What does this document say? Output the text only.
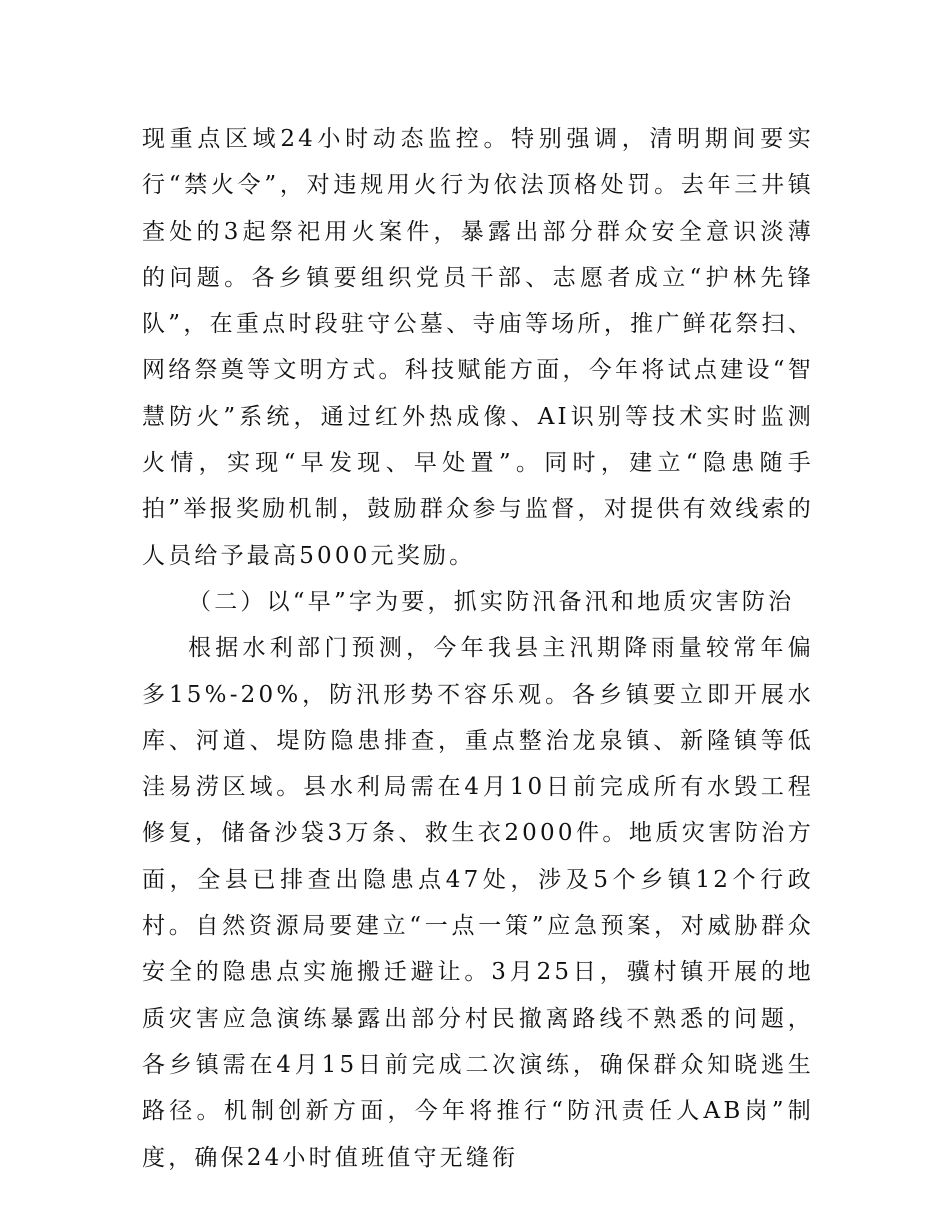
现重点区域24小时动态监控。特别强调，清明期间要实行“禁火令”，对违规用火行为依法顶格处罚。去年三井镇查处的3起祭祀用火案件，暴露出部分群众安全意识淡薄的问题。各乡镇要组织党员干部、志愿者成立“护林先锋队”，在重点时段驻守公墓、寺庙等场所，推广鲜花祭扫、网络祭奠等文明方式。科技赋能方面，今年将试点建设“智慧防火”系统，通过红外热成像、AI识别等技术实时监测火情，实现“早发现、早处置”。同时，建立“隐患随手拍”举报奖励机制，鼓励群众参与监督，对提供有效线索的人员给予最高5000元奖励。

（二）以“早”字为要，抓实防汛备汛和地质灾害防治

根据水利部门预测，今年我县主汛期降雨量较常年偏多15%-20%，防汛形势不容乐观。各乡镇要立即开展水库、河道、堤防隐患排查，重点整治龙泉镇、新隆镇等低洼易涝区域。县水利局需在4月10日前完成所有水毁工程修复，储备沙袋3万条、救生衣2000件。地质灾害防治方面，全县已排查出隐患点47处，涉及5个乡镇12个行政村。自然资源局要建立“一点一策”应急预案，对威胁群众安全的隐患点实施搬迁避让。3月25日，骥村镇开展的地质灾害应急演练暴露出部分村民撤离路线不熟悉的问题，各乡镇需在4月15日前完成二次演练，确保群众知晓逃生路径。机制创新方面，今年将推行“防汛责任人AB岗”制度，确保24小时值班值守无缝衔
